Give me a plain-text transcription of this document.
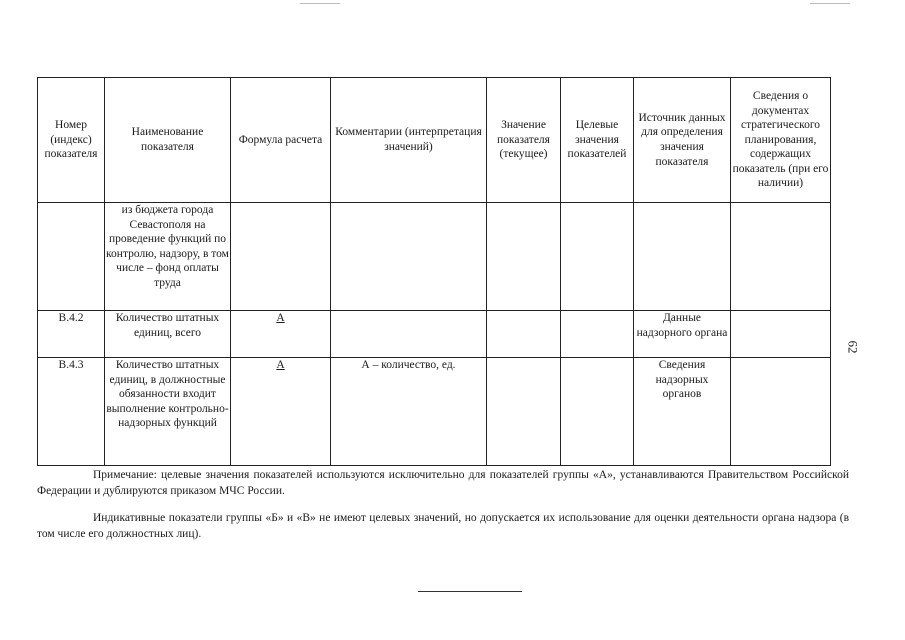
Номер (индекс) показателя	Наименование показателя	Формула расчета	Комментарии (интерпретация значений)	Значение показателя (текущее)	Целевые значения показателей	Источник данных для определения значения показателя	Сведения о документах стратегического планирования, содержащих показатель (при его наличии)
	из бюджета города Севастополя на проведение функций по контролю, надзору, в том числе – фонд оплаты труда						
В.4.2	Количество штатных единиц, всего	А				Данные надзорного органа	
В.4.3	Количество штатных единиц, в должностные обязанности входит выполнение контрольно-надзорных функций	А	А – количество, ед.			Сведения надзорных органов	
Примечание: целевые значения показателей используются исключительно для показателей группы «А», устанавливаются Правительством Российской Федерации и дублируются приказом МЧС России.
Индикативные показатели группы «Б» и «В» не имеют целевых значений, но допускается их использование для оценки деятельности органа надзора (в том числе его должностных лиц).
62
